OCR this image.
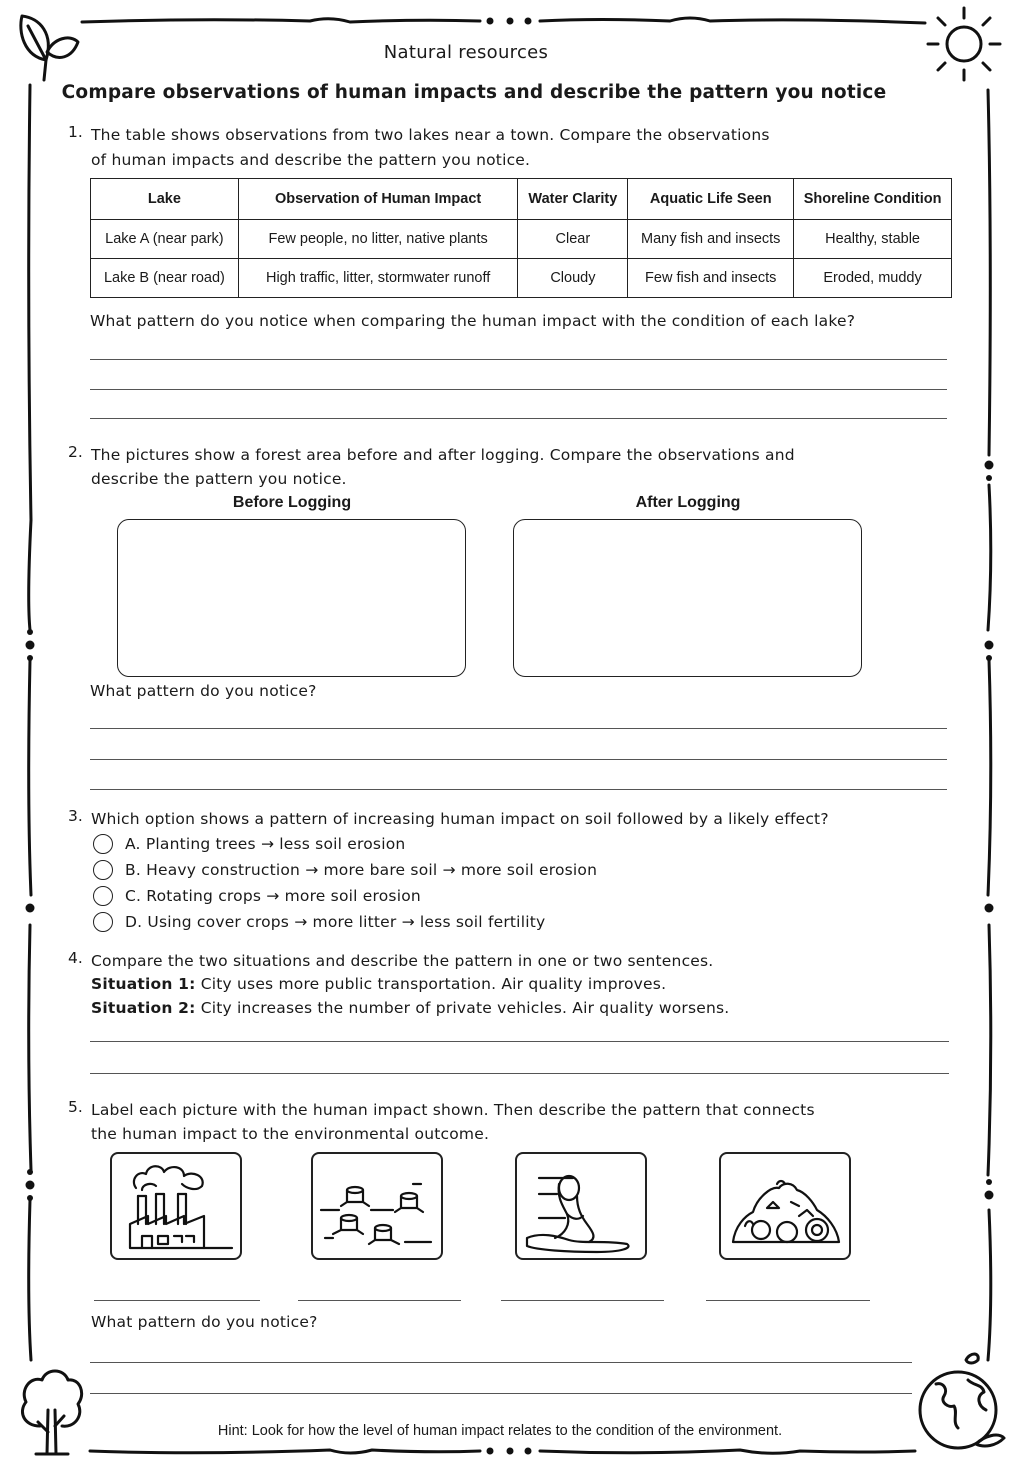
Natural resources
Compare observations of human impacts and describe the pattern you notice
1. The table shows observations from two lakes near a town. Compare the observations
of human impacts and describe the pattern you notice.
Lake	Observation of Human Impact	Water Clarity	Aquatic Life Seen	Shoreline Condition
Lake A (near park)	Few people, no litter, native plants	Clear	Many fish and insects	Healthy, stable
Lake B (near road)	High traffic, litter, stormwater runoff	Cloudy	Few fish and insects	Eroded, muddy
What pattern do you notice when comparing the human impact with the condition of each lake?
2. The pictures show a forest area before and after logging. Compare the observations and
describe the pattern you notice.
Before Logging	After Logging
What pattern do you notice?
3. Which option shows a pattern of increasing human impact on soil followed by a likely effect?
A.
Planting trees → less soil erosion
B.
Heavy construction → more bare soil → more soil erosion
C.
Rotating crops → more soil erosion
D.
Using cover crops → more litter → less soil fertility
4. Compare the two situations and describe the pattern in one or two sentences.
Situation 1: City uses more public transportation. Air quality improves.
Situation 2: City increases the number of private vehicles. Air quality worsens.
5. Label each picture with the human impact shown. Then describe the pattern that connects
the human impact to the environmental outcome.
What pattern do you notice?
Hint: Look for how the level of human impact relates to the condition of the environment.
